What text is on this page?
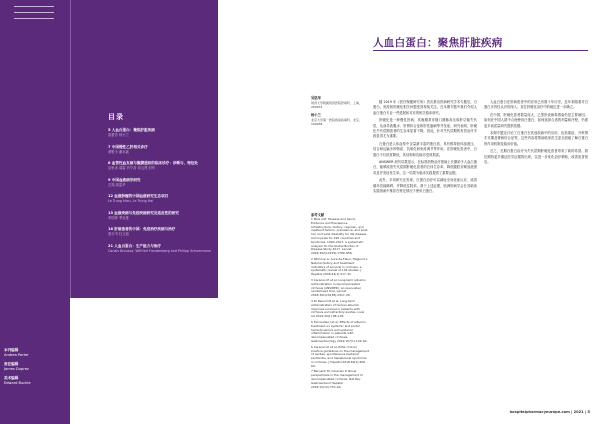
目录
5 人血白蛋白：聚焦肝脏疾病
雷蕾芳 杨小兰
7 中国慢性乙肝相关诊疗
黄银卡 谢永斌
8 血管性血友病与腹膜透析的临床诊疗：诊断与、特征处
克里冰 周雷 肖宁奇 刘云贤 封华
9 中国血液病学研究
左翔 周雷华
12 血液肿瘤的中国血液研究生态项目
Le Trung Hieu, Le Trung Hai
15 血液疾病与免疫疾病研究及适应性的研究
李国萍 季克曼
18 肝病患者的中国：免疫治疗疾病与治疗
张亦书 杜文迪
21 人血白蛋白：生产能力与治疗
Canals Broussa, Wilfried Freudenberg and Philipp Schuermann
本刊编辑
Andrea Porter
责任编辑
James Duprez
美术编辑
Edward Buckle
人血白蛋白：聚焦肝脏疾病
吴铭华
同济大学附属同济医院肝病科，上海，200072
杨小兰
北京大学第一医院感染疾病科，北京，100034
参考文献
1 Mills CAT. Disease and liquid. Evidence and Prevalence. Infrastructure, history, regimen, and inpatient factors. prevalence, and post-hoc and wide disability for life disease and injuries for 195 countries and territories, 1990–2017: a systematic analysis for the Global Burden of Disease Study 2017. Lancet 2018;392(10159):1789–858.
2 Wilmore G, Aure-de-Flaux, Haglund L. Natural history and treatment indicators of survival in cirrhosis: a systematic review of 118 studies. J Hepatol 2006;44(1):217–31.
3 Caraceni P et al. Long-term albumin administration in decompensated cirrhosis (ANSWER): an open-label randomised trial. Lancet 2018;391(10138):2417–29.
4 Di Pascoli M et al. Long-term administration of human albumin improves survival in patients with cirrhosis and refractory ascites. Liver Int 2019;39(1):98–105.
5 Fernandez J et al. Effects of albumin treatment on systemic and portal hemodynamics and systemic inflammation in patients with decompensated cirrhosis. Gastroenterology 2019;157(1):149–62.
6 Caraceni P et al. EASL clinical practice guidelines on the management of ascites, spontaneous bacterial peritonitis, and hepatorenal syndrome in cirrhosis. J Hepatol 2018;69(2):406–60.
7 Bernardi M, Caraceni P. Novel perspectives in the management of decompensated cirrhosis. Nat Rev Gastroenterol Hepatol 2018;15(12):753–64.

随 2019 年《医疗保健研究所》首次推出肝病研究学术专题后，白蛋白、免疫和肝硬化相关问题受到持续关注。在本期专题中我们介绍人血白蛋白专业一些进展和对应的相关临床研究。

肝硬化是一种慢性肝病，其晚期常伴随门静脉高压和肝功能失代偿，从而导致腹水、肝肾综合征和肝性脑病等并发症。研究表明，肝硬化失代偿期患者的生存率显著下降，因此，针对失代偿期的有效治疗手段显得尤为重要。

白蛋白是人体血浆中含量最丰富的蛋白质，具有维持胶体渗透压、结合和运输多种物质、抗氧化和免疫调节等作用。在肝硬化患者中，白蛋白不仅浓度降低，其结构和功能亦受到损害。

ANSWER 研究结果显示，在标准药物治疗基础上长期给予人血白蛋白，能够改善失代偿期肝硬化患者的总体生存率，降低腹腔穿刺放液需求及并发症发生率。这一结果为临床实践提供了重要证据。

此外，多项研究还发现，白蛋白治疗可以减轻全身炎症反应，改善循环功能障碍，并降低住院率。基于上述证据，欧洲肝病学会在其临床实践指南中推荐在特定情况下使用白蛋白。

人血白蛋白在肝病患者中的应用已有数十年历史。近年来随着对白蛋白多效性认识的深入，其在肝硬化治疗中的地位进一步确立。

在中国，肝硬化患者数量庞大，乙型肝炎病毒感染仍是主要病因。如何在中国人群中合理使用白蛋白，如何选择合适的剂量和疗程，仍需更多高质量研究提供依据。

本期专题还讨论了白蛋白在其他疾病中的应用，包括重症、外科围手术期及肾病综合征等。这些内容将帮助临床医生更全面地了解白蛋白的作用机制及临床价值。

总之，长期白蛋白治疗为失代偿期肝硬化患者带来了新的希望。我们期待更多循证医学证据的出现，以进一步优化治疗策略，改善患者预后。

hospitalpharmacyeurope.com | 2021 | 5
